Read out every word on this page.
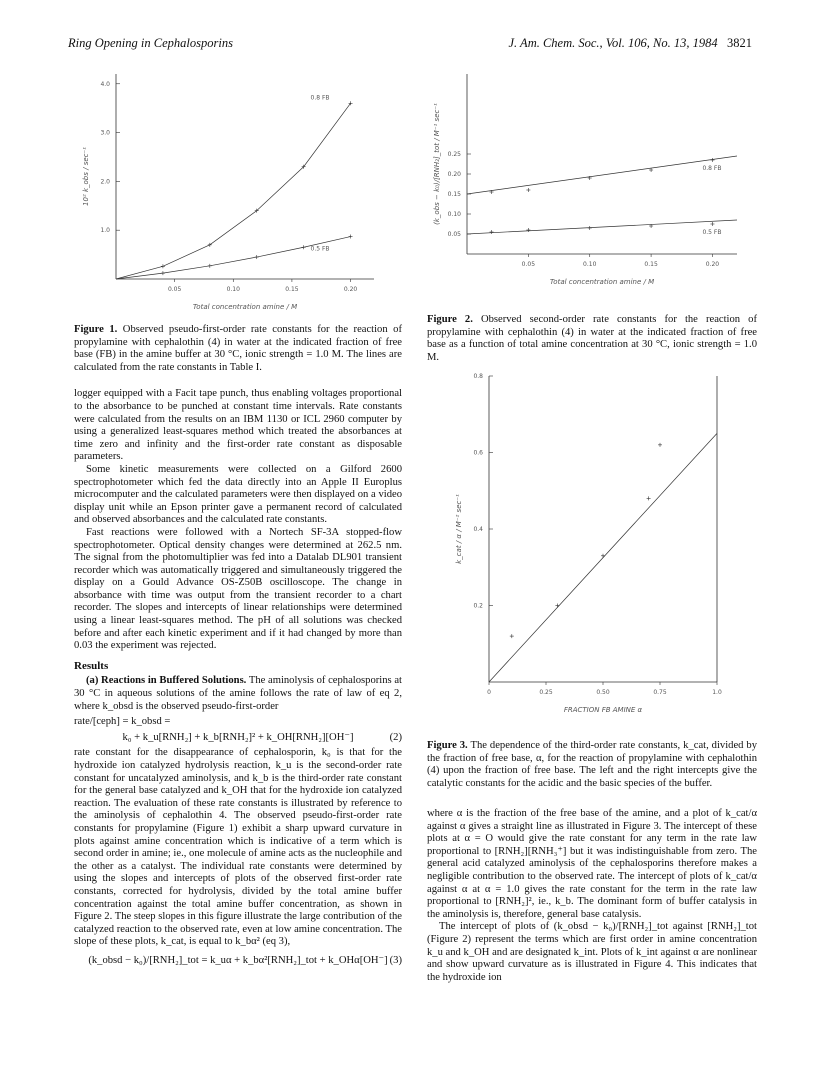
Ring Opening in Cephalosporins	J. Am. Chem. Soc., Vol. 106, No. 13, 1984 3821
0.05	0.10	0.15	0.20
1.0
2.0
3.0
4.0
Total concentration amine / M
10² k_obs / sec⁻¹
0.8 FB
0.5 FB
0.05	0.10	0.15	0.20
0.05
0.10
0.15
0.20
0.25
Total concentration amine / M
(k_obs − k₀)/[RNH₂]_tot / M⁻¹ sec⁻¹	0.8 FB
0.5 FB
Figure 2. Observed second-order rate constants for the reaction of propylamine with cephalothin (4) in water at the indicated fraction of free base as a function of total amine concentration at 30 °C, ionic strength = 1.0 M.
0	0.25	0.50	0.75	1.0
0.2
0.4
0.6
0.8
FRACTION FB AMINE α
k_cat / α / M⁻² sec⁻¹
Figure 3. The dependence of the third-order rate constants, k_cat, divided by the fraction of free base, α, for the reaction of propylamine with cephalothin (4) upon the fraction of free base. The left and the right intercepts give the catalytic constants for the acidic and the basic species of the buffer.
Figure 1. Observed pseudo-first-order rate constants for the reaction of propylamine with cephalothin (4) in water at the indicated fraction of free base (FB) in the amine buffer at 30 °C, ionic strength = 1.0 M. The lines are calculated from the rate constants in Table I.

logger equipped with a Facit tape punch, thus enabling voltages proportional to the absorbance to be punched at constant time intervals. Rate constants were calculated from the results on an IBM 1130 or ICL 2960 computer by using a generalized least-squares method which treated the absorbances at time zero and infinity and the first-order rate constant as disposable parameters.

Some kinetic measurements were collected on a Gilford 2600 spectrophotometer which fed the data directly into an Apple II Europlus microcomputer and the calculated parameters were then displayed on a video display unit while an Epson printer gave a permanent record of calculated and observed absorbances and the calculated rate constants.

Fast reactions were followed with a Nortech SF-3A stopped-flow spectrophotometer. Optical density changes were determined at 262.5 nm. The signal from the photomultiplier was fed into a Datalab DL901 transient recorder which was automatically triggered and simultaneously triggered the display on a Gould Advance OS-Z50B oscilloscope. The change in absorbance with time was output from the transient recorder to a chart recorder. The slopes and intercepts of linear relationships were determined using a linear least-squares method. The pH of all solutions was checked before and after each kinetic experiment and if it had changed by more than 0.03 the experiment was rejected.

Results

(a) Reactions in Buffered Solutions. The aminolysis of cephalosporins at 30 °C in aqueous solutions of the amine follows the rate of law of eq 2, where k_obsd is the observed pseudo-first-order

rate/[ceph] = k_obsd =

k₀ + k_u[RNH₂] + k_b[RNH₂]² + k_OH[RNH₂][OH⁻]	(2)

rate constant for the disappearance of cephalosporin, k₀ is that for the hydroxide ion catalyzed hydrolysis reaction, k_u is the second-order rate constant for uncatalyzed aminolysis, and k_b is the third-order rate constant for the general base catalyzed and k_OH that for the hydroxide ion catalyzed reaction. The evaluation of these rate constants is illustrated by reference to the aminolysis of cephalothin 4. The observed pseudo-first-order rate constants for propylamine (Figure 1) exhibit a sharp upward curvature in plots against amine concentration which is indicative of a term which is second order in amine; ie., one molecule of amine acts as the nucleophile and the other as a catalyst. The individual rate constants were determined by using the slopes and intercepts of plots of the observed first-order rate constants, corrected for hydrolysis, divided by the total amine buffer concentration against the total amine buffer concentration, as shown in Figure 2. The steep slopes in this figure illustrate the large contribution of the catalyzed reaction to the observed rate, even at low amine concentration. The slope of these plots, k_cat, is equal to k_bα² (eq 3),

(k_obsd − k₀)/[RNH₂]_tot = k_uα + k_bα²[RNH₂]_tot + k_OHα[OH⁻] (3)

where α is the fraction of the free base of the amine, and a plot of k_cat/α against α gives a straight line as illustrated in Figure 3. The intercept of these plots at α = O would give the rate constant for any term in the rate law proportional to [RNH₂][RNH₃⁺] but it was indistinguishable from zero. The general acid catalyzed aminolysis of the cephalosporins therefore makes a negligible contribution to the observed rate. The intercept of plots of k_cat/α against α at α = 1.0 gives the rate constant for the term in the rate law proportional to [RNH₂]², ie., k_b. The dominant form of buffer catalysis in the aminolysis is, therefore, general base catalysis.

The intercept of plots of (k_obsd − k₀)/[RNH₂]_tot against [RNH₂]_tot (Figure 2) represent the terms which are first order in amine concentration k_u and k_OH and are designated k_int. Plots of k_int against α are nonlinear and show upward curvature as is illustrated in Figure 4. This indicates that the hydroxide ion
